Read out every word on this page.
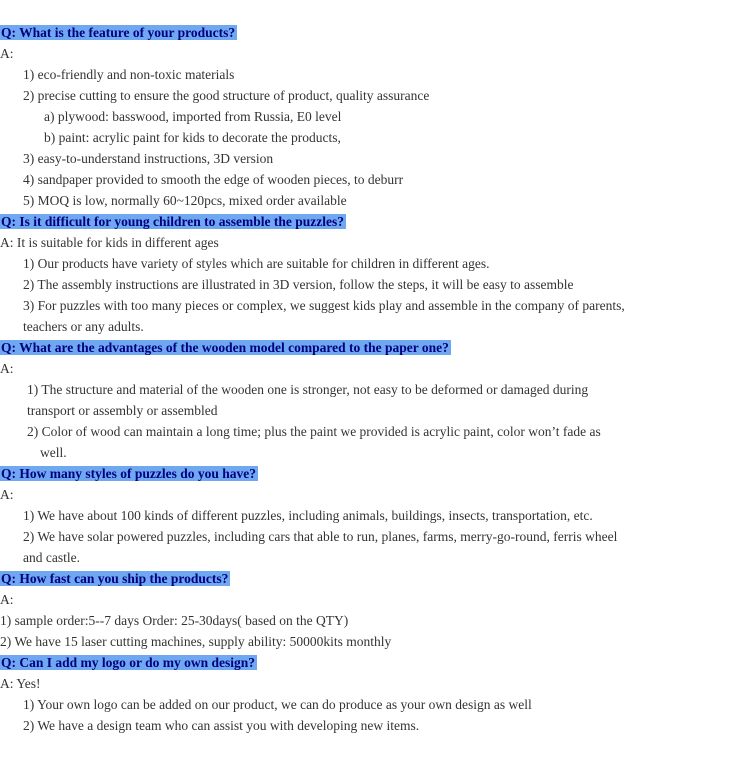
Q: What is the feature of your products?
A:
1) eco-friendly and non-toxic materials
2) precise cutting to ensure the good structure of product, quality assurance
a) plywood: basswood, imported from Russia, E0 level
b) paint: acrylic paint for kids to decorate the products,
3) easy-to-understand instructions, 3D version
4) sandpaper provided to smooth the edge of wooden pieces, to deburr
5) MOQ is low, normally 60~120pcs, mixed order available
Q: Is it difficult for young children to assemble the puzzles?
A: It is suitable for kids in different ages
1) Our products have variety of styles which are suitable for children in different ages.
2) The assembly instructions are illustrated in 3D version, follow the steps, it will be easy to assemble
3) For puzzles with too many pieces or complex, we suggest kids play and assemble in the company of parents,
teachers or any adults.
Q: What are the advantages of the wooden model compared to the paper one?
A:
1) The structure and material of the wooden one is stronger, not easy to be deformed or damaged during
transport or assembly or assembled
2) Color of wood can maintain a long time; plus the paint we provided is acrylic paint, color won’t fade as
well.
Q: How many styles of puzzles do you have?
A:
1) We have about 100 kinds of different puzzles, including animals, buildings, insects, transportation, etc.
2) We have solar powered puzzles, including cars that able to run, planes, farms, merry-go-round, ferris wheel
and castle.
Q: How fast can you ship the products?
A:
1) sample order:5--7 days Order: 25-30days( based on the QTY)
2) We have 15 laser cutting machines, supply ability: 50000kits monthly
Q: Can I add my logo or do my own design?
A: Yes!
1) Your own logo can be added on our product, we can do produce as your own design as well
2) We have a design team who can assist you with developing new items.
